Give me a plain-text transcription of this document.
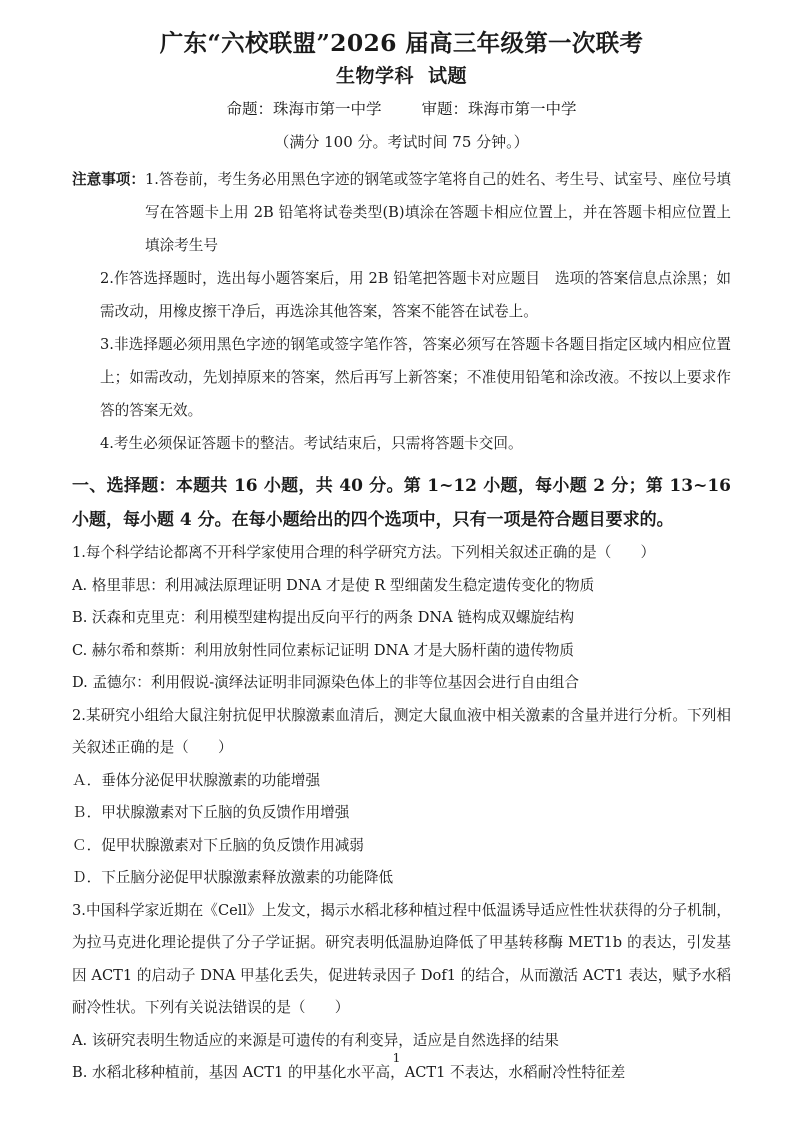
广东“六校联盟”2026 届高三年级第一次联考
生物学科 试题
命题：珠海市第一中学	审题：珠海市第一中学
（满分 100 分。考试时间 75 分钟。）
注意事项： 1.答卷前，考生务必用黑色字迹的钢笔或签字笔将自己的姓名、考生号、试室号、座位号填写在答题卡上用 2B 铅笔将试卷类型(B)填涂在答题卡相应位置上，并在答题卡相应位置上填涂考生号
2.作答选择题时，选出每小题答案后，用 2B 铅笔把答题卡对应题目　选项的答案信息点涂黑；如需改动，用橡皮擦干净后，再选涂其他答案，答案不能答在试卷上。
3.非选择题必须用黑色字迹的钢笔或签字笔作答，答案必须写在答题卡各题目指定区域内相应位置上；如需改动，先划掉原来的答案，然后再写上新答案；不准使用铅笔和涂改液。不按以上要求作答的答案无效。
4.考生必须保证答题卡的整洁。考试结束后，只需将答题卡交回。
一、选择题：本题共 16 小题，共 40 分。第 1~12 小题，每小题 2 分；第 13~16 小题，每小题 4 分。在每小题给出的四个选项中，只有一项是符合题目要求的。
1.每个科学结论都离不开科学家使用合理的科学研究方法。下列相关叙述正确的是（　　）
A. 格里菲思：利用减法原理证明 DNA 才是使 R 型细菌发生稳定遗传变化的物质
B. 沃森和克里克：利用模型建构提出反向平行的两条 DNA 链构成双螺旋结构
C. 赫尔希和蔡斯：利用放射性同位素标记证明 DNA 才是大肠杆菌的遗传物质
D. 孟德尔：利用假说-演绎法证明非同源染色体上的非等位基因会进行自由组合
2.某研究小组给大鼠注射抗促甲状腺激素血清后，测定大鼠血液中相关激素的含量并进行分析。下列相关叙述正确的是（　　）
Ａ．垂体分泌促甲状腺激素的功能增强
Ｂ．甲状腺激素对下丘脑的负反馈作用增强
Ｃ．促甲状腺激素对下丘脑的负反馈作用减弱
Ｄ．下丘脑分泌促甲状腺激素释放激素的功能降低
3.中国科学家近期在《Cell》上发文，揭示水稻北移种植过程中低温诱导适应性性状获得的分子机制，为拉马克进化理论提供了分子学证据。研究表明低温胁迫降低了甲基转移酶 MET1b 的表达，引发基因 ACT1 的启动子 DNA 甲基化丢失，促进转录因子 Dof1 的结合，从而激活 ACT1 表达，赋予水稻耐冷性状。下列有关说法错误的是（　　）
A. 该研究表明生物适应的来源是可遗传的有利变异，适应是自然选择的结果
B. 水稻北移种植前，基因 ACT1 的甲基化水平高，ACT1 不表达，水稻耐冷性特征差
1
